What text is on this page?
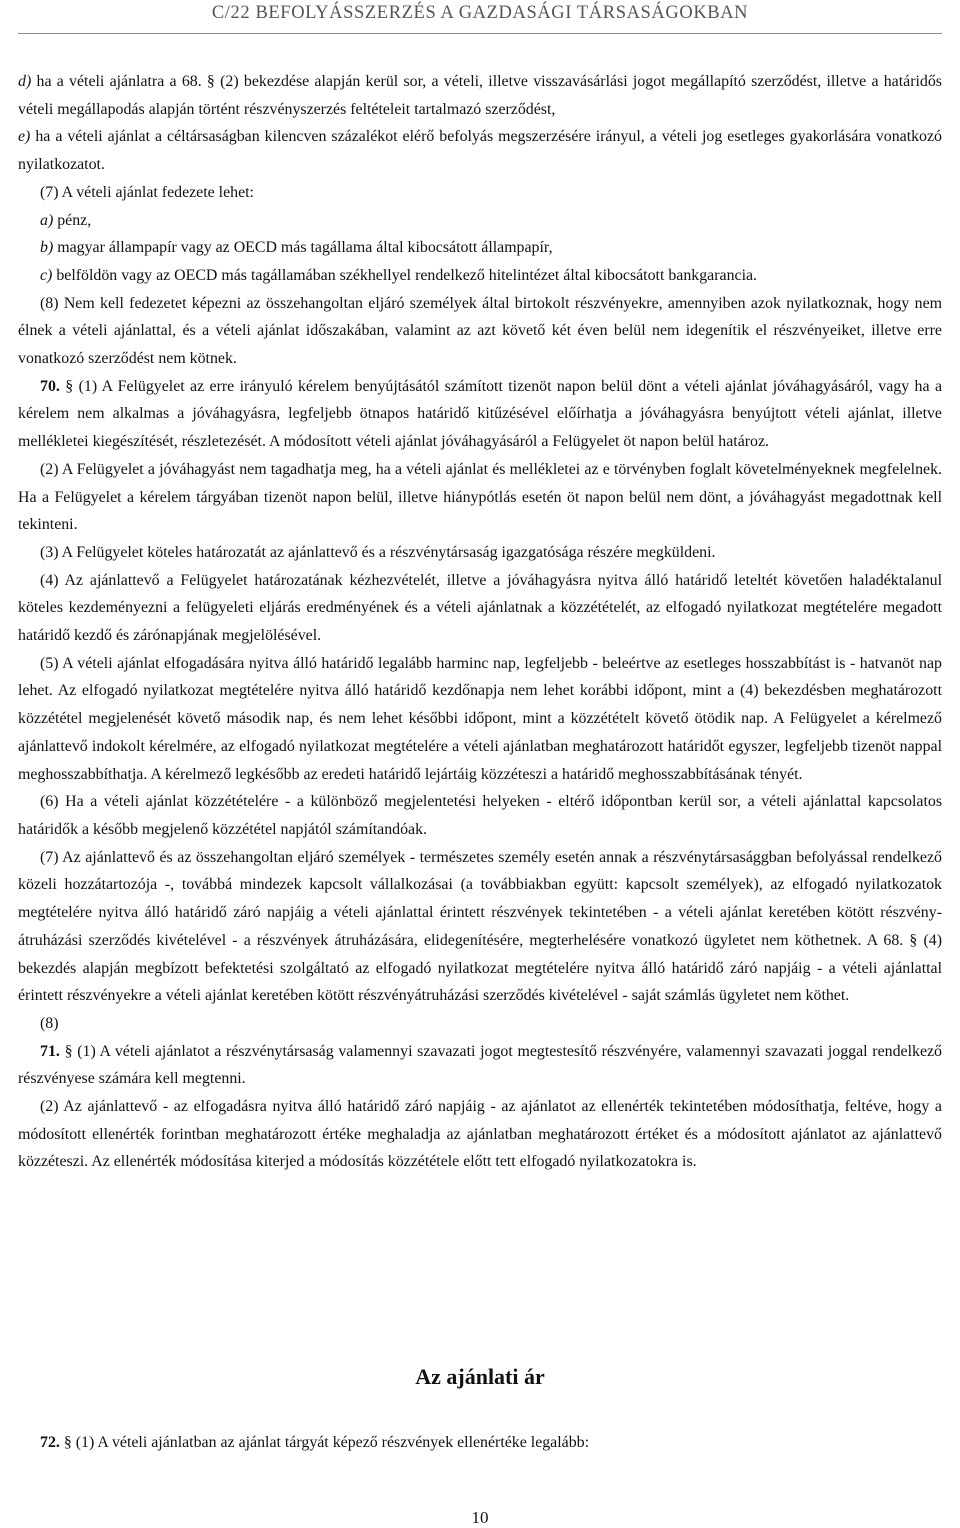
C/22 BEFOLYÁSSZERZÉS A GAZDASÁGI TÁRSASÁGOKBAN

d) ha a vételi ajánlatra a 68. § (2) bekezdése alapján kerül sor, a vételi, illetve visszavásárlási jogot megállapító szerződést, illetve a határidős vételi megállapodás alapján történt részvényszerzés feltételeit tartalmazó szerződést,

e) ha a vételi ajánlat a céltársaságban kilencven százalékot elérő befolyás megszerzésére irányul, a vételi jog esetleges gyakorlására vonatkozó nyilatkozatot.

(7) A vételi ajánlat fedezete lehet:

a) pénz,

b) magyar állampapír vagy az OECD más tagállama által kibocsátott állampapír,

c) belföldön vagy az OECD más tagállamában székhellyel rendelkező hitelintézet által kibocsátott bankgarancia.

(8) Nem kell fedezetet képezni az összehangoltan eljáró személyek által birtokolt részvényekre, amennyiben azok nyilatkoznak, hogy nem élnek a vételi ajánlattal, és a vételi ajánlat időszakában, valamint az azt követő két éven belül nem idegenítik el részvényeiket, illetve erre vonatkozó szerződést nem kötnek.

70. § (1) A Felügyelet az erre irányuló kérelem benyújtásától számított tizenöt napon belül dönt a vételi ajánlat jóváhagyásáról, vagy ha a kérelem nem alkalmas a jóváhagyásra, legfeljebb ötnapos határidő kitűzésével előírhatja a jóváhagyásra benyújtott vételi ajánlat, illetve mellékletei kiegészítését, részletezését. A módosított vételi ajánlat jóváhagyásáról a Felügyelet öt napon belül határoz.

(2) A Felügyelet a jóváhagyást nem tagadhatja meg, ha a vételi ajánlat és mellékletei az e törvényben foglalt követelményeknek megfelelnek. Ha a Felügyelet a kérelem tárgyában tizenöt napon belül, illetve hiánypótlás esetén öt napon belül nem dönt, a jóváhagyást megadottnak kell tekinteni.

(3) A Felügyelet köteles határozatát az ajánlattevő és a részvénytársaság igazgatósága részére megküldeni.

(4) Az ajánlattevő a Felügyelet határozatának kézhezvételét, illetve a jóváhagyásra nyitva álló határidő leteltét követően haladéktalanul köteles kezdeményezni a felügyeleti eljárás eredményének és a vételi ajánlatnak a közzétételét, az elfogadó nyilatkozat megtételére megadott határidő kezdő és zárónapjának megjelölésével.

(5) A vételi ajánlat elfogadására nyitva álló határidő legalább harminc nap, legfeljebb - beleértve az esetleges hosszabbítást is - hatvanöt nap lehet. Az elfogadó nyilatkozat megtételére nyitva álló határidő kezdőnapja nem lehet korábbi időpont, mint a (4) bekezdésben meghatározott közzététel megjelenését követő második nap, és nem lehet későbbi időpont, mint a közzétételt követő ötödik nap. A Felügyelet a kérelmező ajánlattevő indokolt kérelmére, az elfogadó nyilatkozat megtételére a vételi ajánlatban meghatározott határidőt egyszer, legfeljebb tizenöt nappal meghosszabbíthatja. A kérelmező legkésőbb az eredeti határidő lejártáig közzéteszi a határidő meghosszabbításának tényét.

(6) Ha a vételi ajánlat közzétételére - a különböző megjelentetési helyeken - eltérő időpontban kerül sor, a vételi ajánlattal kapcsolatos határidők a később megjelenő közzététel napjától számítandóak.

(7) Az ajánlattevő és az összehangoltan eljáró személyek - természetes személy esetén annak a részvénytársasággban befolyással rendelkező közeli hozzátartozója -, továbbá mindezek kapcsolt vállalkozásai (a továbbiakban együtt: kapcsolt személyek), az elfogadó nyilatkozatok megtételére nyitva álló határidő záró napjáig a vételi ajánlattal érintett részvények tekintetében - a vételi ajánlat keretében kötött részvény-átruházási szerződés kivételével - a részvények átruházására, elidegenítésére, megterhelésére vonatkozó ügyletet nem köthetnek. A 68. § (4) bekezdés alapján megbízott befektetési szolgáltató az elfogadó nyilatkozat megtételére nyitva álló határidő záró napjáig - a vételi ajánlattal érintett részvényekre a vételi ajánlat keretében kötött részvényátruházási szerződés kivételével - saját számlás ügyletet nem köthet.

(8)

71. § (1) A vételi ajánlatot a részvénytársaság valamennyi szavazati jogot megtestesítő részvényére, valamennyi szavazati joggal rendelkező részvényese számára kell megtenni.

(2) Az ajánlattevő - az elfogadásra nyitva álló határidő záró napjáig - az ajánlatot az ellenérték tekintetében módosíthatja, feltéve, hogy a módosított ellenérték forintban meghatározott értéke meghaladja az ajánlatban meghatározott értéket és a módosított ajánlatot az ajánlattevő közzéteszi. Az ellenérték módosítása kiterjed a módosítás közzététele előtt tett elfogadó nyilatkozatokra is.

Az ajánlati ár
72. § (1) A vételi ajánlatban az ajánlat tárgyát képező részvények ellenértéke legalább:
10
